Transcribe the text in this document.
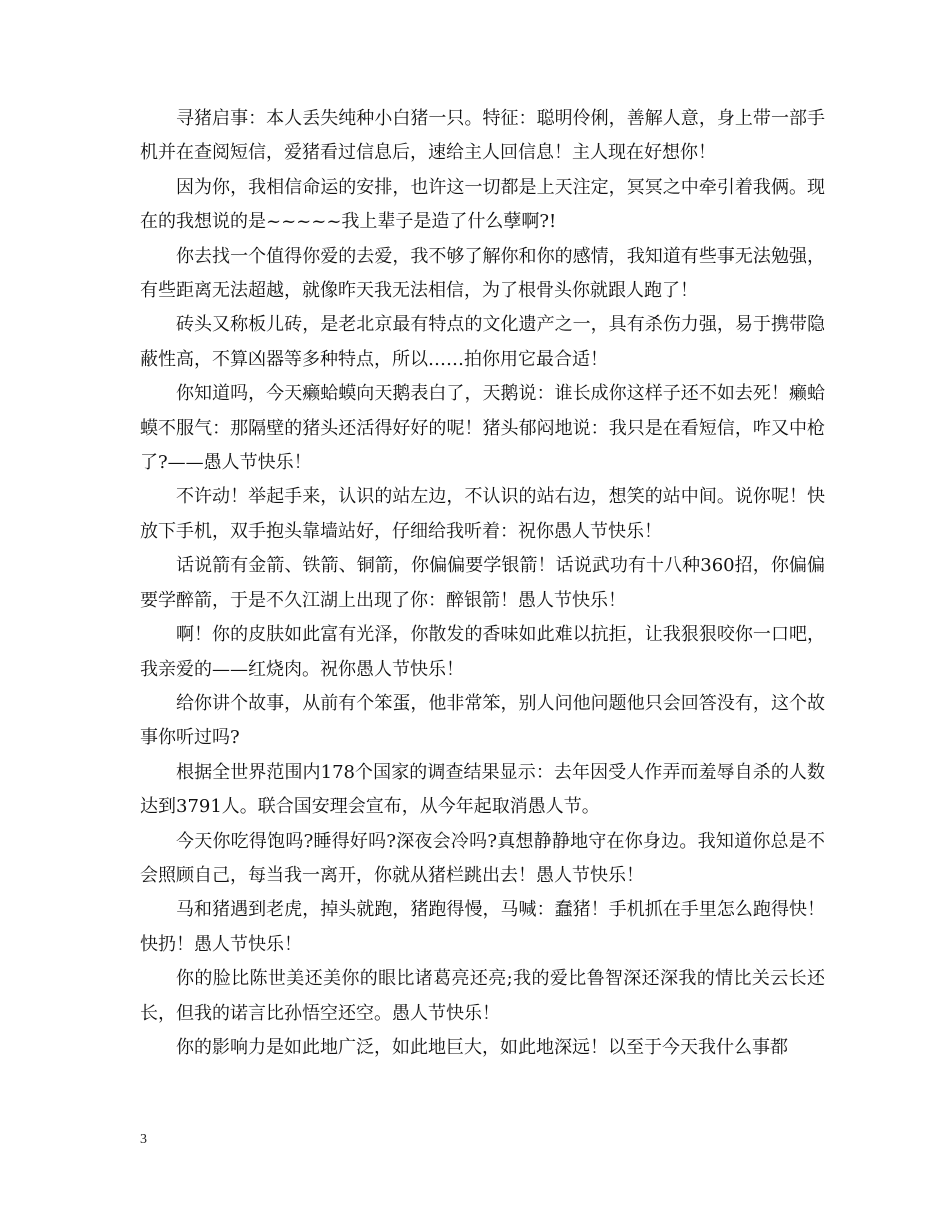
寻猪启事：本人丢失纯种小白猪一只。特征：聪明伶俐，善解人意，身上带一部手机并在查阅短信，爱猪看过信息后，速给主人回信息！主人现在好想你！

因为你，我相信命运的安排，也许这一切都是上天注定，冥冥之中牵引着我俩。现在的我想说的是~~~~~我上辈子是造了什么孽啊?!

你去找一个值得你爱的去爱，我不够了解你和你的感情，我知道有些事无法勉强，有些距离无法超越，就像昨天我无法相信，为了根骨头你就跟人跑了！

砖头又称板儿砖，是老北京最有特点的文化遗产之一，具有杀伤力强，易于携带隐蔽性高，不算凶器等多种特点，所以……拍你用它最合适！

你知道吗，今天癞蛤蟆向天鹅表白了，天鹅说：谁长成你这样子还不如去死！癞蛤蟆不服气：那隔壁的猪头还活得好好的呢！猪头郁闷地说：我只是在看短信，咋又中枪了?——愚人节快乐！

不许动！举起手来，认识的站左边，不认识的站右边，想笑的站中间。说你呢！快放下手机，双手抱头靠墙站好，仔细给我听着：祝你愚人节快乐！

话说箭有金箭、铁箭、铜箭，你偏偏要学银箭！话说武功有十八种360招，你偏偏要学醉箭，于是不久江湖上出现了你：醉银箭！愚人节快乐！

啊！你的皮肤如此富有光泽，你散发的香味如此难以抗拒，让我狠狠咬你一口吧，我亲爱的——红烧肉。祝你愚人节快乐！

给你讲个故事，从前有个笨蛋，他非常笨，别人问他问题他只会回答没有，这个故事你听过吗?

根据全世界范围内178个国家的调查结果显示：去年因受人作弄而羞辱自杀的人数达到3791人。联合国安理会宣布，从今年起取消愚人节。

今天你吃得饱吗?睡得好吗?深夜会冷吗?真想静静地守在你身边。我知道你总是不会照顾自己，每当我一离开，你就从猪栏跳出去！愚人节快乐！

马和猪遇到老虎，掉头就跑，猪跑得慢，马喊：蠢猪！手机抓在手里怎么跑得快！快扔！愚人节快乐！

你的脸比陈世美还美你的眼比诸葛亮还亮;我的爱比鲁智深还深我的情比关云长还长，但我的诺言比孙悟空还空。愚人节快乐！

你的影响力是如此地广泛，如此地巨大，如此地深远！以至于今天我什么事都

3
